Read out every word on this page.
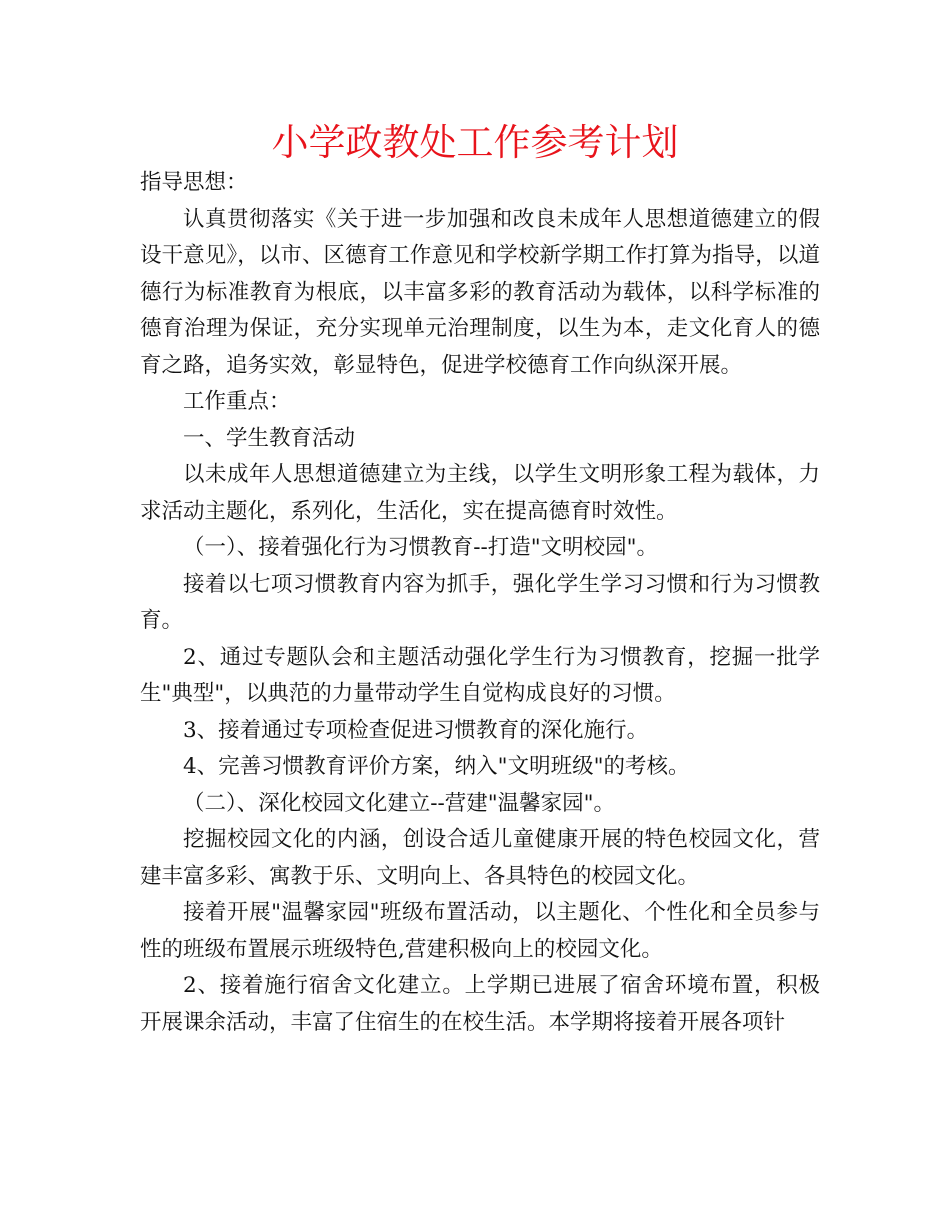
小学政教处工作参考计划

指导思想：

认真贯彻落实《关于进一步加强和改良未成年人思想道德建立的假设干意见》，以市、区德育工作意见和学校新学期工作打算为指导，以道德行为标准教育为根底，以丰富多彩的教育活动为载体，以科学标准的德育治理为保证，充分实现单元治理制度，以生为本，走文化育人的德育之路，追务实效，彰显特色，促进学校德育工作向纵深开展。

工作重点：

一、学生教育活动

以未成年人思想道德建立为主线，以学生文明形象工程为载体，力求活动主题化，系列化，生活化，实在提高德育时效性。

（一）、接着强化行为习惯教育--打造"文明校园"。

接着以七项习惯教育内容为抓手，强化学生学习习惯和行为习惯教育。

2、通过专题队会和主题活动强化学生行为习惯教育，挖掘一批学生"典型"，以典范的力量带动学生自觉构成良好的习惯。

3、接着通过专项检查促进习惯教育的深化施行。

4、完善习惯教育评价方案，纳入"文明班级"的考核。

（二）、深化校园文化建立--营建"温馨家园"。

挖掘校园文化的内涵，创设合适儿童健康开展的特色校园文化，营建丰富多彩、寓教于乐、文明向上、各具特色的校园文化。

接着开展"温馨家园"班级布置活动，以主题化、个性化和全员参与性的班级布置展示班级特色,营建积极向上的校园文化。

2、接着施行宿舍文化建立。上学期已进展了宿舍环境布置，积极开展课余活动，丰富了住宿生的在校生活。本学期将接着开展各项针
